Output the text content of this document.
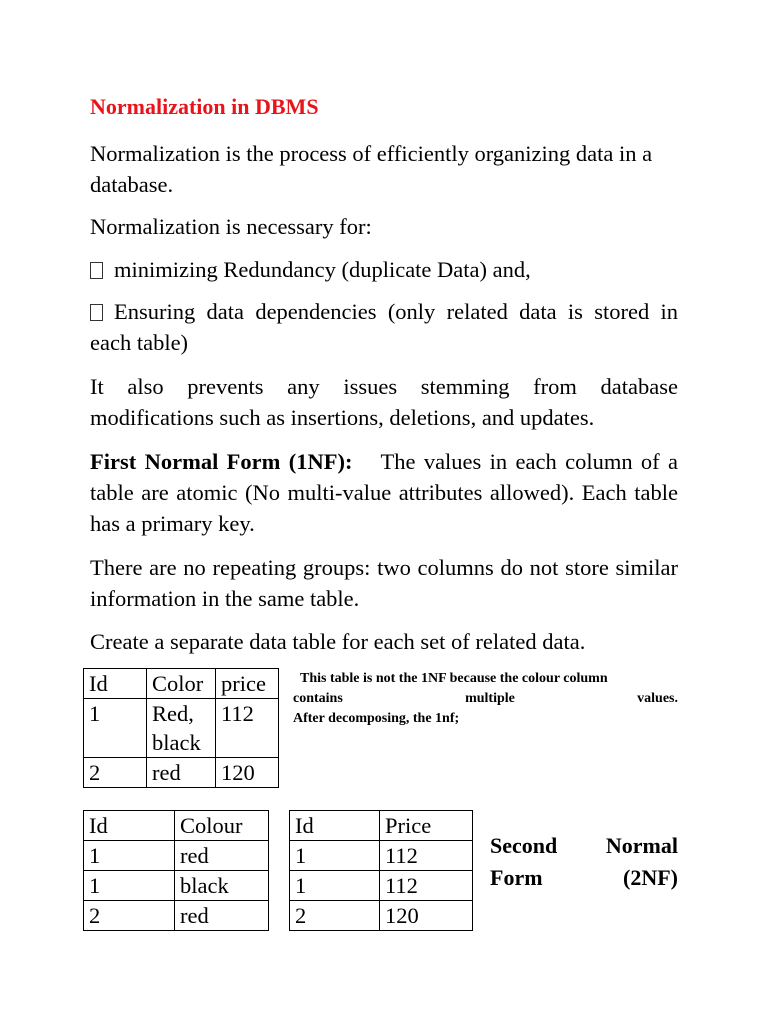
Normalization in DBMS

Normalization is the process of efficiently organizing data in a database.

Normalization is necessary for:

minimizing Redundancy (duplicate Data) and,

Ensuring data dependencies (only related data is stored in each table)

It also prevents any issues stemming from database modifications such as insertions, deletions, and updates.

First Normal Form (1NF): The values in each column of a table are atomic (No multi-value attributes allowed). Each table has a primary key.

There are no repeating groups: two columns do not store similar information in the same table.

Create a separate data table for each set of related data.

Id	Color	price
1	Red, black	112
2	red	120
This table is not the 1NF because the colour column
contains multiple values.
After decomposing, the 1nf;
Id	Colour
1	red
1	black
2	red
Id	Price
1	112
1	112
2	120
Second Normal Form (2NF)
